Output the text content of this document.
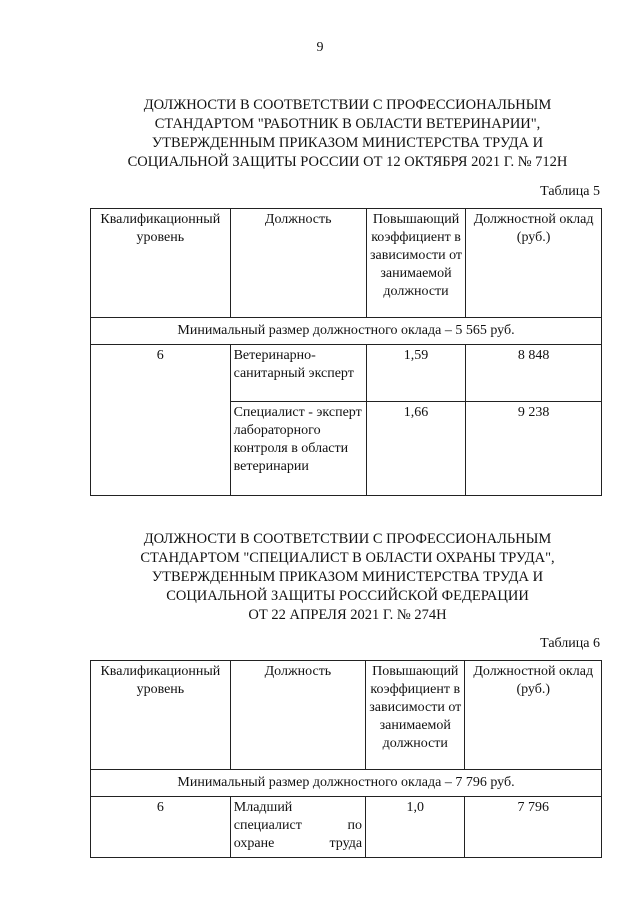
9
ДОЛЖНОСТИ В СООТВЕТСТВИИ С ПРОФЕССИОНАЛЬНЫМ
СТАНДАРТОМ "РАБОТНИК В ОБЛАСТИ ВЕТЕРИНАРИИ",
УТВЕРЖДЕННЫМ ПРИКАЗОМ МИНИСТЕРСТВА ТРУДА И
СОЦИАЛЬНОЙ ЗАЩИТЫ РОССИИ ОТ 12 ОКТЯБРЯ 2021 Г. № 712Н
Таблица 5
Квалификационный уровень	Должность	Повышающий коэффициент в зависимости от занимаемой должности	Должностной оклад (руб.)
Минимальный размер должностного оклада – 5 565 руб.			
6	Ветеринарно-санитарный эксперт	1,59	8 848
	Специалист - эксперт лабораторного контроля в области ветеринарии	1,66	9 238
ДОЛЖНОСТИ В СООТВЕТСТВИИ С ПРОФЕССИОНАЛЬНЫМ
СТАНДАРТОМ "СПЕЦИАЛИСТ В ОБЛАСТИ ОХРАНЫ ТРУДА",
УТВЕРЖДЕННЫМ ПРИКАЗОМ МИНИСТЕРСТВА ТРУДА И
СОЦИАЛЬНОЙ ЗАЩИТЫ РОССИЙСКОЙ ФЕДЕРАЦИИ
ОТ 22 АПРЕЛЯ 2021 Г. № 274Н
Таблица 6
Квалификационный уровень	Должность	Повышающий коэффициент в зависимости от занимаемой должности	Должностной оклад (руб.)
Минимальный размер должностного оклада – 7 796 руб.			
6	Младший специалист по охране труда	1,0	7 796
